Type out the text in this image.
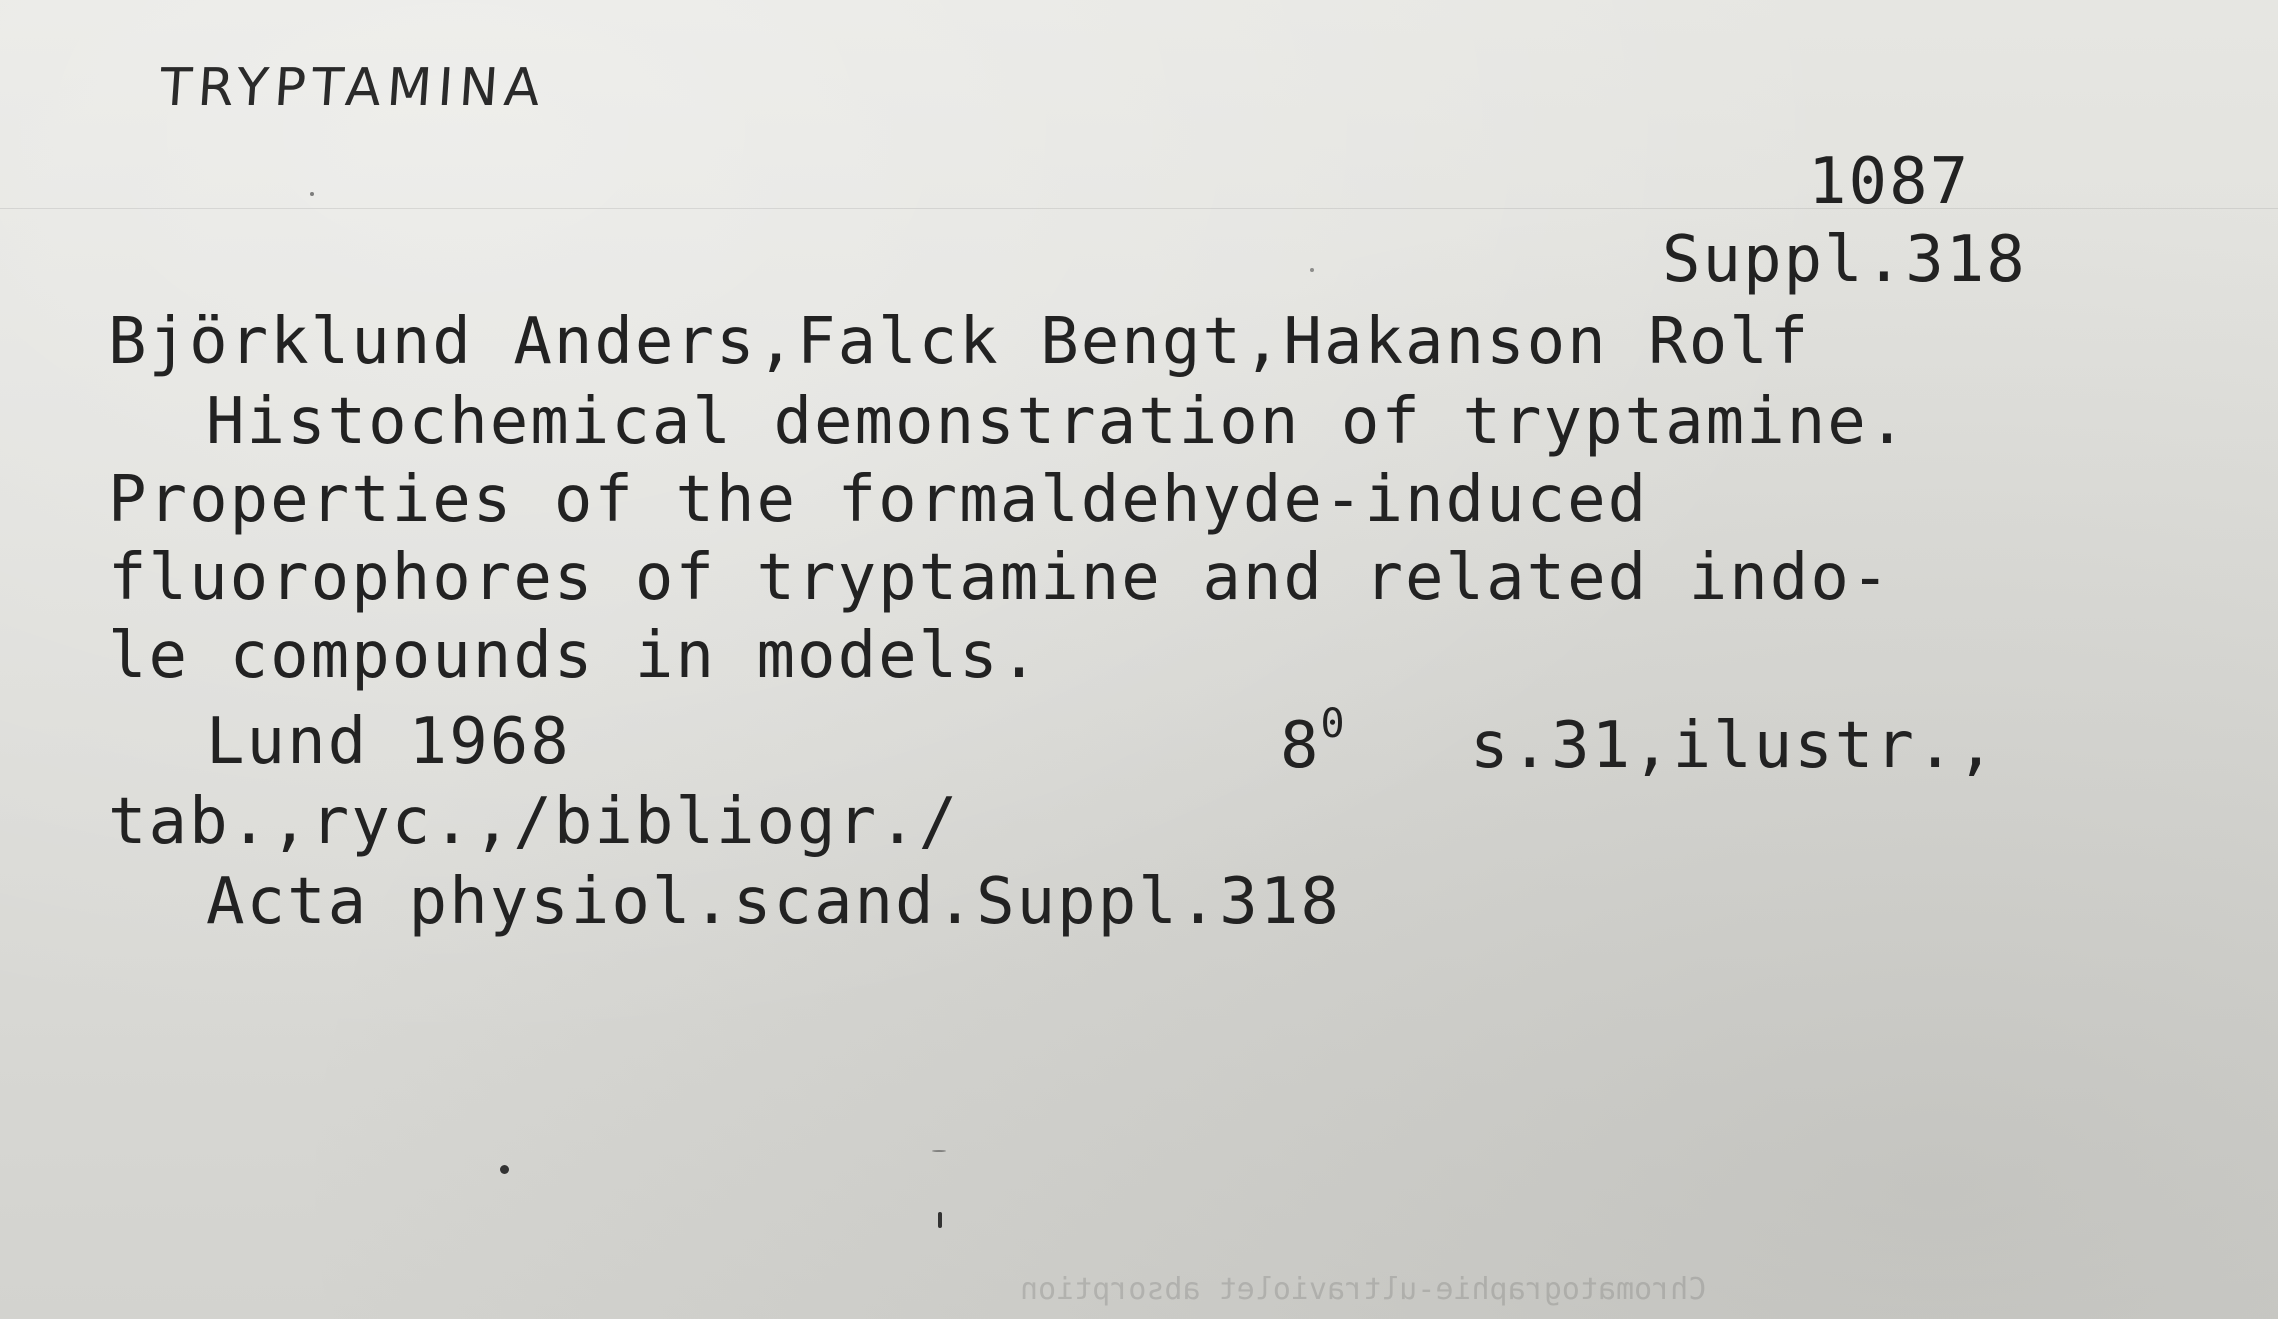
TRYPTAMINA
1087
Suppl.318
Björklund Anders,Falck Bengt,Hakanson Rolf
Histochemical demonstration of tryptamine.
Properties of the formaldehyde-induced
fluorophores of tryptamine and related indo-
le compounds in models.
Lund 1968	$8^0$ s.31,ilustr.,
tab.,ryc.,/bibliogr./
Acta physiol.scand.Suppl.318
Chromatographie-ultraviolet absorption
